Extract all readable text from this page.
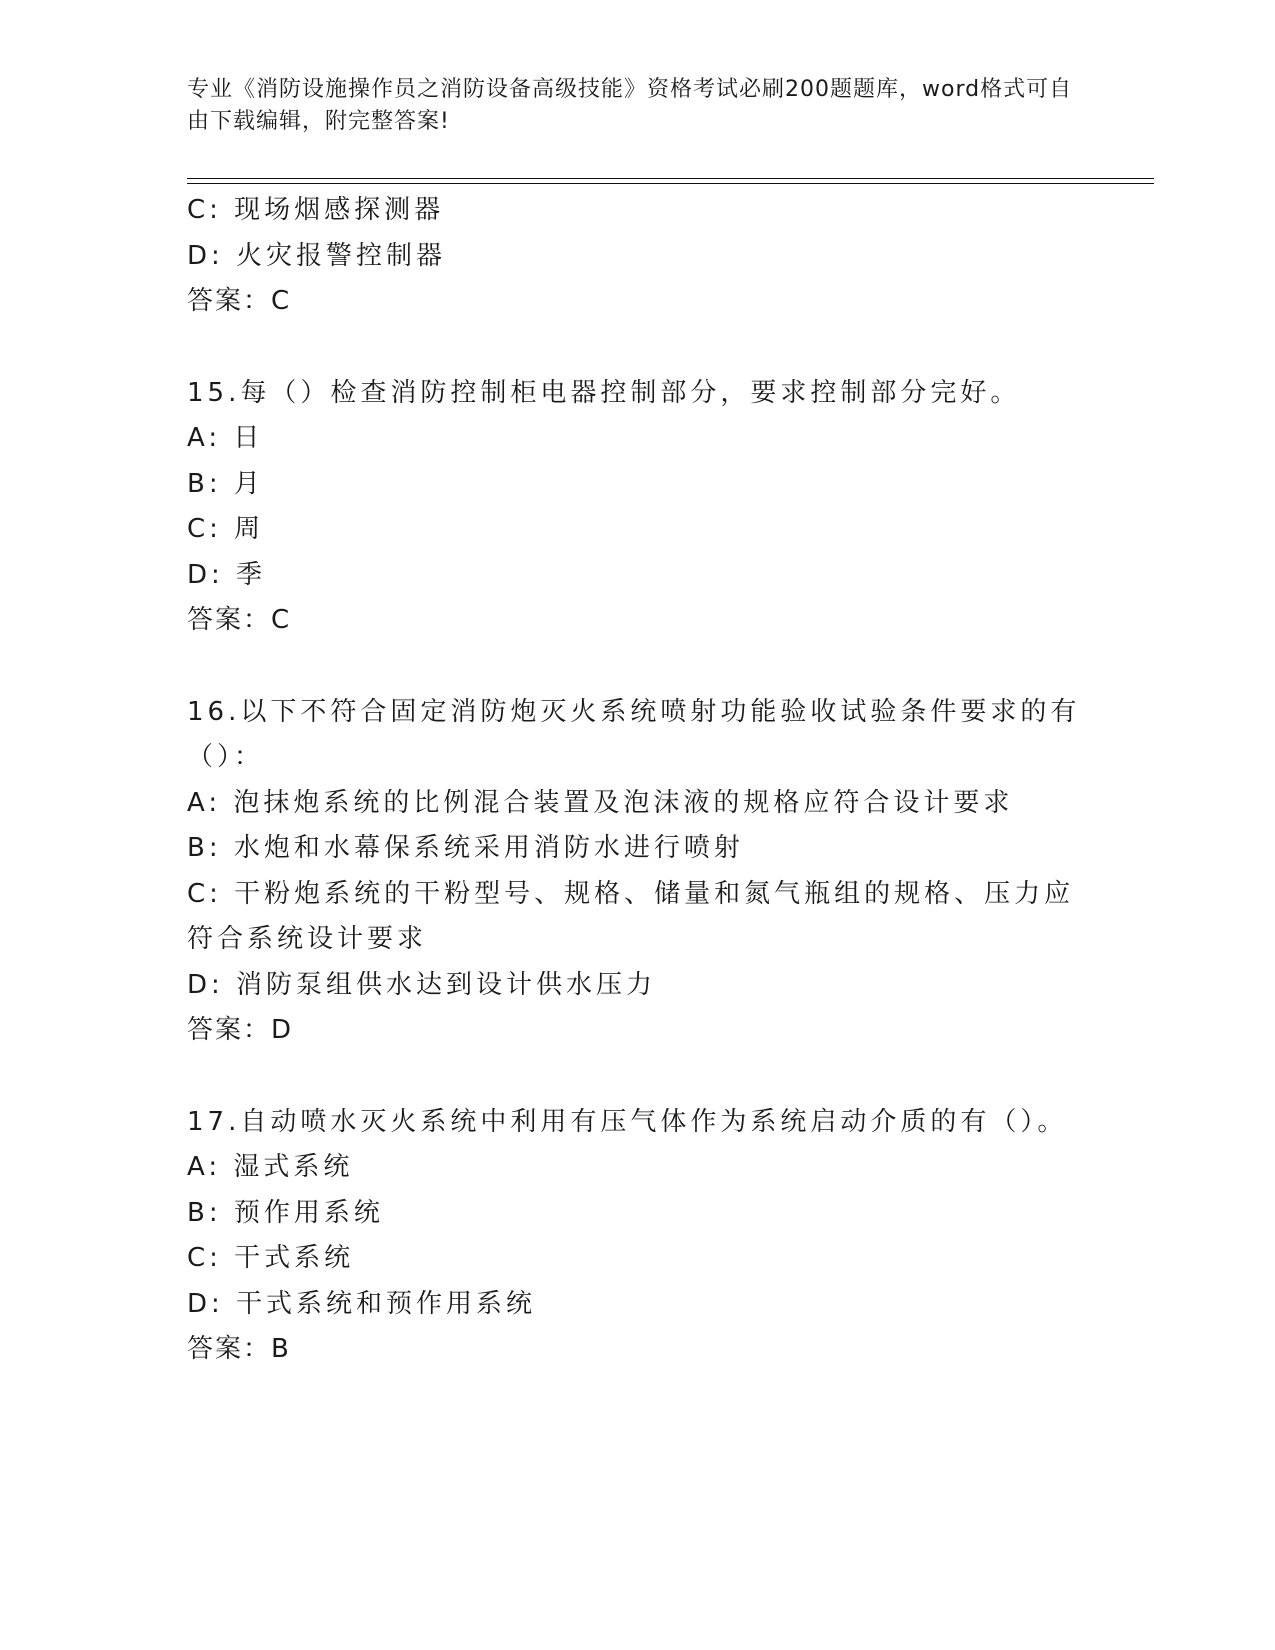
专业《消防设施操作员之消防设备高级技能》资格考试必刷200题题库，word格式可自由下载编辑，附完整答案!
C: 现场烟感探测器
D: 火灾报警控制器
答案：C
15.每（）检查消防控制柜电器控制部分，要求控制部分完好。
A: 日
B: 月
C: 周
D: 季
答案：C
16.以下不符合固定消防炮灭火系统喷射功能验收试验条件要求的有（）：
A: 泡抹炮系统的比例混合装置及泡沫液的规格应符合设计要求
B: 水炮和水幕保系统采用消防水进行喷射
C: 干粉炮系统的干粉型号、规格、储量和氮气瓶组的规格、压力应符合系统设计要求
D: 消防泵组供水达到设计供水压力
答案：D
17.自动喷水灭火系统中利用有压气体作为系统启动介质的有（）。
A: 湿式系统
B: 预作用系统
C: 干式系统
D: 干式系统和预作用系统
答案：B
